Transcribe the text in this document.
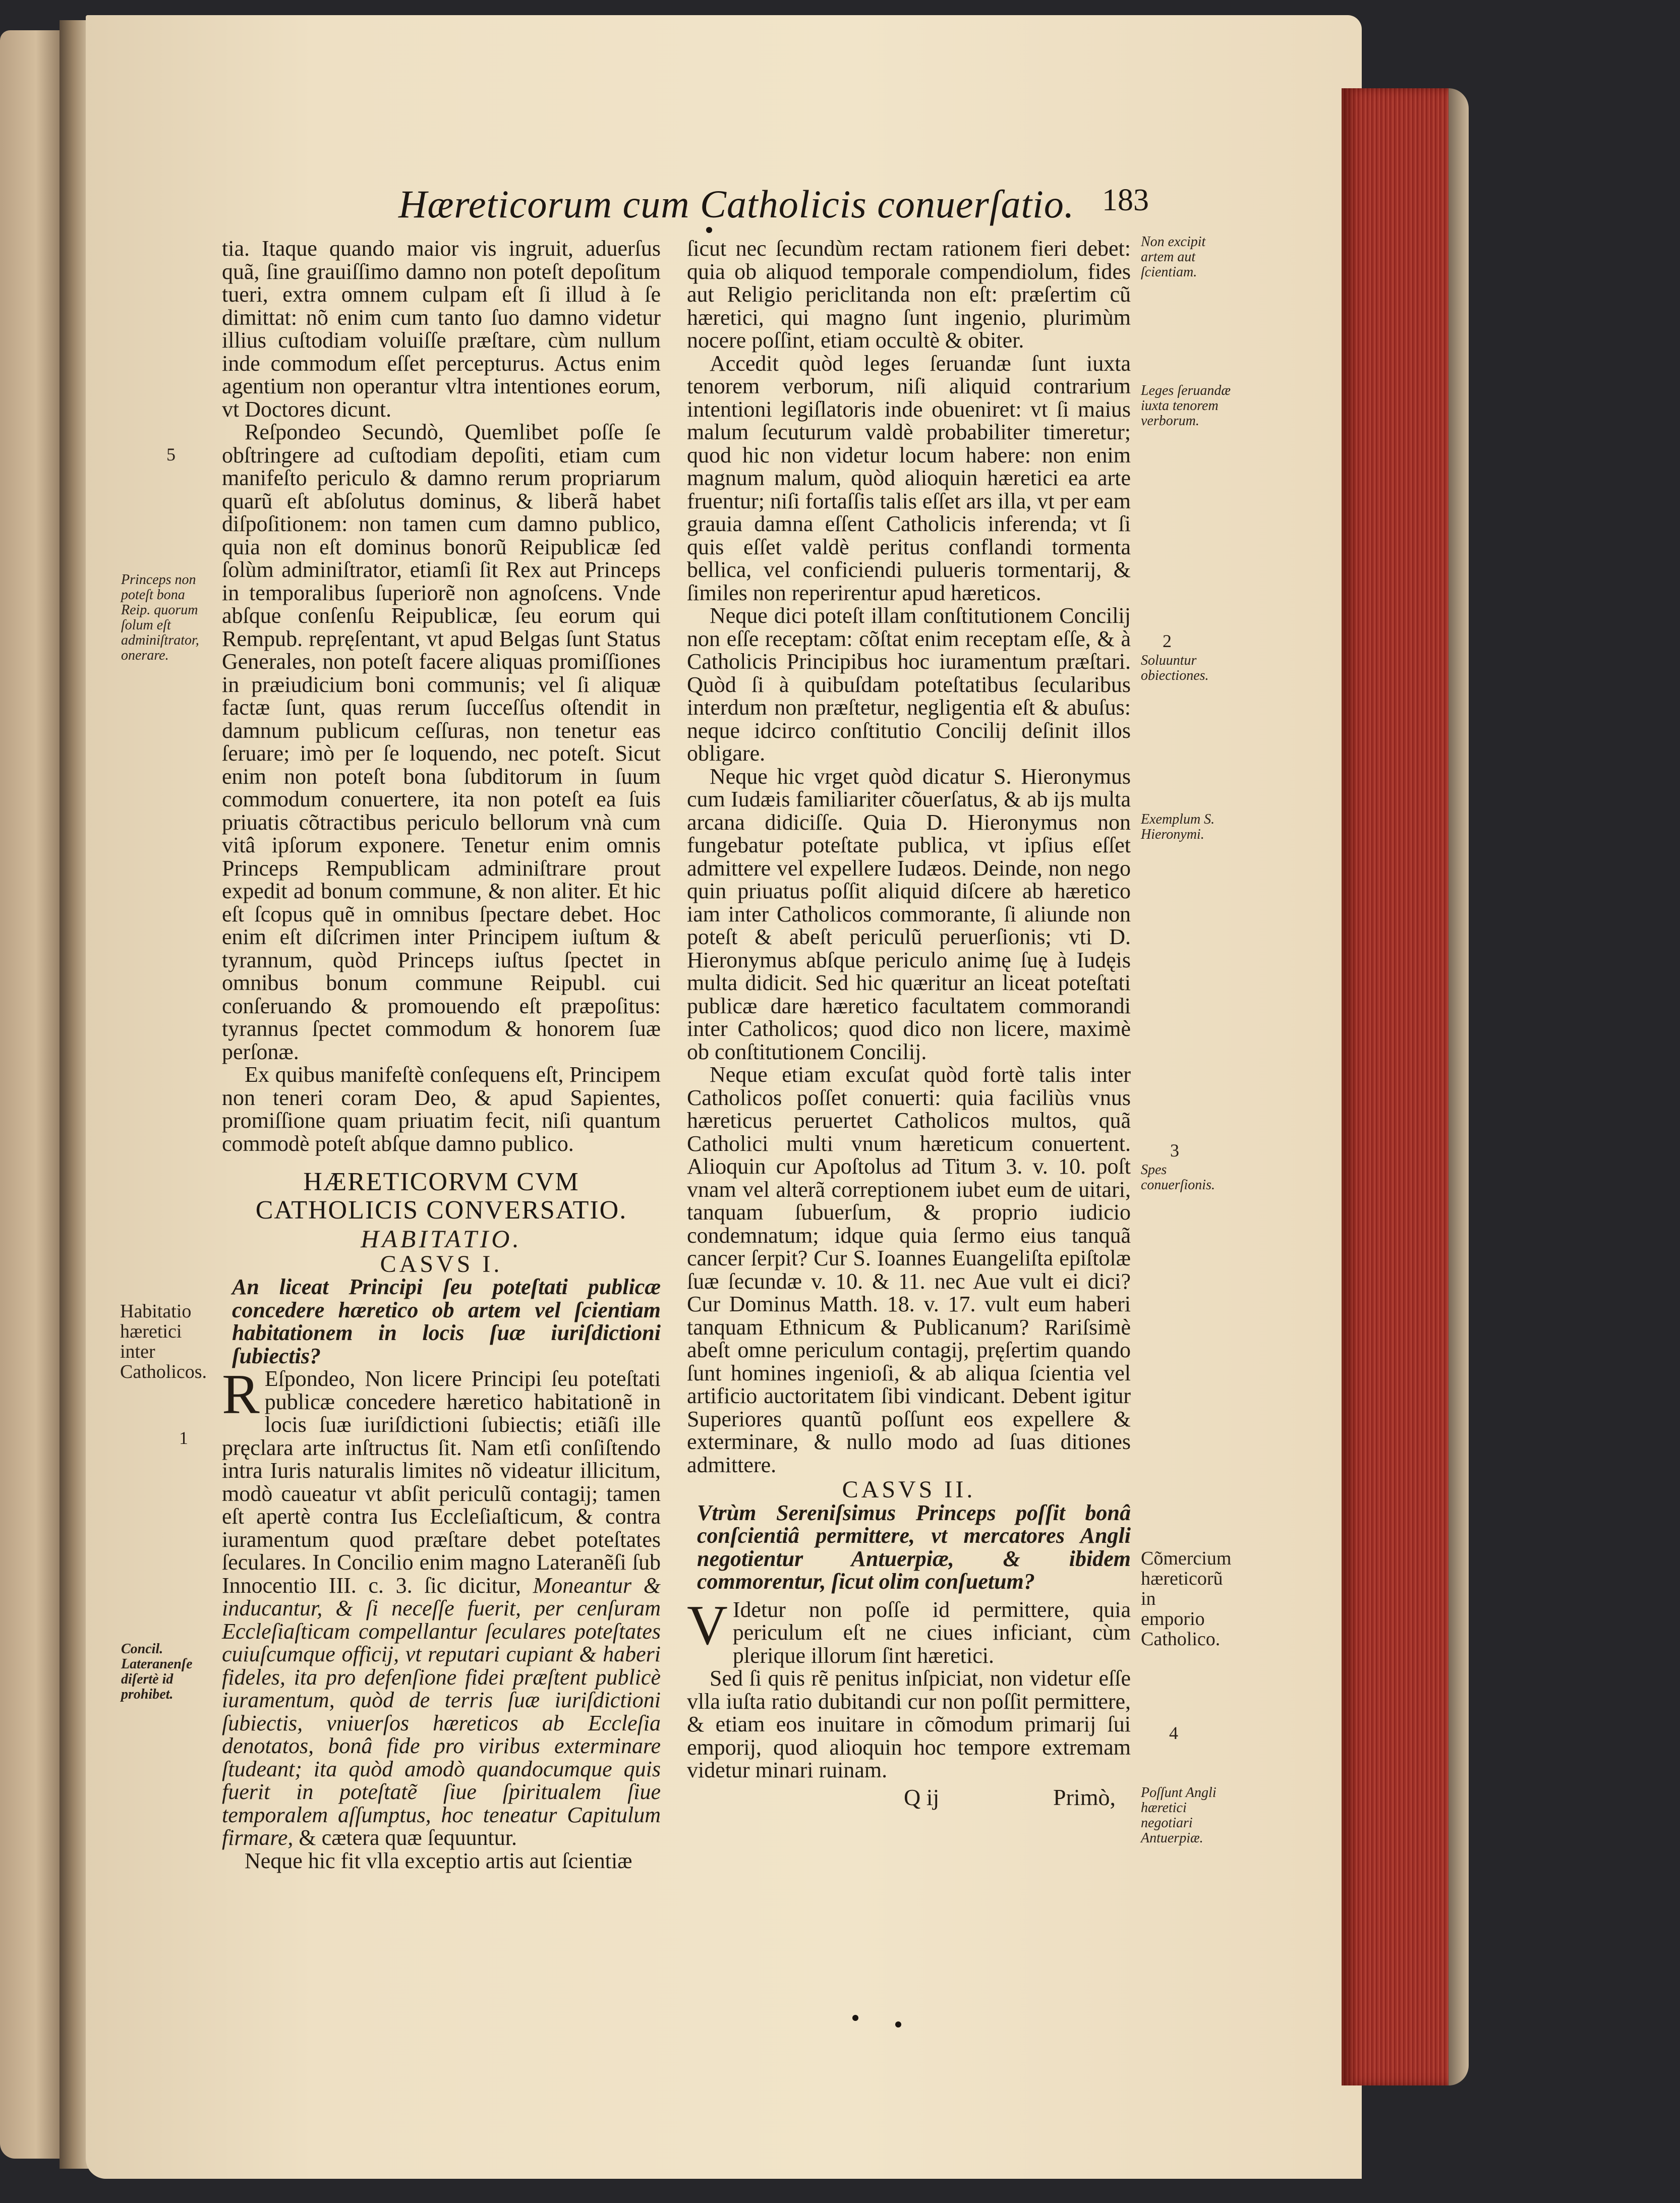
Hæreticorum cum Catholicis conuerſatio. 183

tia. Itaque quando maior vis ingruit, aduerſus quã, ſine grauiſſimo damno non poteſt depoſitum tueri, extra omnem culpam eſt ſi illud à ſe dimittat: nõ enim cum tanto ſuo damno videtur illius cuſtodiam voluiſſe præſtare, cùm nullum inde commodum eſſet percepturus. Actus enim agentium non operantur vltra intentiones eorum, vt Doctores dicunt.

Reſpondeo Secundò, Quemlibet poſſe ſe obſtringere ad cuſtodiam depoſiti, etiam cum manifeſto periculo & damno rerum propriarum quarũ eſt abſolutus dominus, & liberã habet diſpoſitionem: non tamen cum damno publico, quia non eſt dominus bonorũ Reipublicæ ſed ſolùm adminiſtrator, etiamſi ſit Rex aut Princeps in temporalibus ſuperiorẽ non agnoſcens. Vnde abſque conſenſu Reipublicæ, ſeu eorum qui Rempub. repręſentant, vt apud Belgas ſunt Status Generales, non poteſt facere aliquas promiſſiones in præiudicium boni communis; vel ſi aliquæ factæ ſunt, quas rerum ſucceſſus oſtendit in damnum publicum ceſſuras, non tenetur eas ſeruare; imò per ſe loquendo, nec poteſt. Sicut enim non poteſt bona ſubditorum in ſuum commodum conuertere, ita non poteſt ea ſuis priuatis cõtractibus periculo bellorum vnà cum vitâ ipſorum exponere. Tenetur enim omnis Princeps Rempublicam adminiſtrare prout expedit ad bonum commune, & non aliter. Et hic eſt ſcopus quẽ in omnibus ſpectare debet. Hoc enim eſt diſcrimen inter Principem iuſtum & tyrannum, quòd Princeps iuſtus ſpectet in omnibus bonum commune Reipubl. cui conſeruando & promouendo eſt præpoſitus: tyrannus ſpectet commodum & honorem ſuæ perſonæ.

Ex quibus manifeſtè conſequens eſt, Principem non teneri coram Deo, & apud Sapientes, promiſſione quam priuatim fecit, niſi quantum commodè poteſt abſque damno publico.

HÆRETICORVM CVM CATHOLICIS CONVERSATIO.

HABITATIO.

CASVS I.

An liceat Principi ſeu poteſtati publicæ concedere hæretico ob artem vel ſcientiam habitationem in locis ſuæ iuriſdictioni ſubiectis?

R Eſpondeo, Non licere Principi ſeu poteſtati publicæ concedere hæretico habitationẽ in locis ſuæ iuriſdictioni ſubiectis; etiãſi ille pręclara arte inſtructus ſit. Nam etſi conſiſtendo intra Iuris naturalis limites nõ videatur illicitum, modò caueatur vt abſit periculũ contagij; tamen eſt apertè contra Ius Eccleſiaſticum, & contra iuramentum quod præſtare debet poteſtates ſeculares. In Concilio enim magno Lateranẽſi ſub Innocentio III. c. 3. ſic dicitur, Moneantur & inducantur, & ſi neceſſe fuerit, per cenſuram Eccleſiaſticam compellantur ſeculares poteſtates cuiuſcumque officij, vt reputari cupiant & haberi fideles, ita pro defenſione fidei præſtent publicè iuramentum, quòd de terris ſuæ iuriſdictioni ſubiectis, vniuerſos hæreticos ab Eccleſia denotatos, bonâ fide pro viribus exterminare ſtudeant; ita quòd amodò quandocumque quis fuerit in poteſtatẽ ſiue ſpiritualem ſiue temporalem aſſumptus, hoc teneatur Capitulum firmare, & cætera quæ ſequuntur.

Neque hic fit vlla exceptio artis aut ſcientiæ

ſicut nec ſecundùm rectam rationem fieri debet: quia ob aliquod temporale compendiolum, fides aut Religio periclitanda non eſt: præſertim cũ hæretici, qui magno ſunt ingenio, plurimùm nocere poſſint, etiam occultè & obiter.

Accedit quòd leges ſeruandæ ſunt iuxta tenorem verborum, niſi aliquid contrarium intentioni legiſlatoris inde obueniret: vt ſi maius malum ſecuturum valdè probabiliter timeretur; quod hic non videtur locum habere: non enim magnum malum, quòd alioquin hæretici ea arte fruentur; niſi fortaſſis talis eſſet ars illa, vt per eam grauia damna eſſent Catholicis inferenda; vt ſi quis eſſet valdè peritus conflandi tormenta bellica, vel conficiendi pulueris tormentarij, & ſimiles non reperirentur apud hæreticos.

Neque dici poteſt illam conſtitutionem Concilij non eſſe receptam: cõſtat enim receptam eſſe, & à Catholicis Principibus hoc iuramentum præſtari. Quòd ſi à quibuſdam poteſtatibus ſecularibus interdum non præſtetur, negligentia eſt & abuſus: neque idcirco conſtitutio Concilij deſinit illos obligare.

Neque hic vrget quòd dicatur S. Hieronymus cum Iudæis familiariter cõuerſatus, & ab ijs multa arcana didiciſſe. Quia D. Hieronymus non fungebatur poteſtate publica, vt ipſius eſſet admittere vel expellere Iudæos. Deinde, non nego quin priuatus poſſit aliquid diſcere ab hæretico iam inter Catholicos commorante, ſi aliunde non poteſt & abeſt periculũ peruerſionis; vti D. Hieronymus abſque periculo animę ſuę à Iudęis multa didicit. Sed hic quæritur an liceat poteſtati publicæ dare hæretico facultatem commorandi inter Catholicos; quod dico non licere, maximè ob conſtitutionem Concilij.

Neque etiam excuſat quòd fortè talis inter Catholicos poſſet conuerti: quia faciliùs vnus hæreticus peruertet Catholicos multos, quã Catholici multi vnum hæreticum conuertent. Alioquin cur Apoſtolus ad Titum 3. v. 10. poſt vnam vel alterã correptionem iubet eum de uitari, tanquam ſubuerſum, & proprio iudicio condemnatum; idque quia ſermo eius tanquã cancer ſerpit? Cur S. Ioannes Euangeliſta epiſtolæ ſuæ ſecundæ v. 10. & 11. nec Aue vult ei dici? Cur Dominus Matth. 18. v. 17. vult eum haberi tanquam Ethnicum & Publicanum? Rariſsimè abeſt omne periculum contagij, pręſertim quando ſunt homines ingenioſi, & ab aliqua ſcientia vel artificio auctoritatem ſibi vindicant. Debent igitur Superiores quantũ poſſunt eos expellere & exterminare, & nullo modo ad ſuas ditiones admittere.

CASVS II.

Vtrùm Sereniſsimus Princeps poſſit bonâ conſcientiâ permittere, vt mercatores Angli negotientur Antuerpiæ, & ibidem commorentur, ſicut olim conſuetum?

V Idetur non poſſe id permittere, quia periculum eſt ne ciues inficiant, cùm plerique illorum ſint hæretici.

Sed ſi quis rẽ penitus inſpiciat, non videtur eſſe vlla iuſta ratio dubitandi cur non poſſit permittere, & etiam eos inuitare in cõmodum primarij ſui emporij, quod alioquin hoc tempore extremam videtur minari ruinam.

Q ij	Primò,
5
Princeps non poteſt bona Reip. quorum ſolum eſt adminiſtrator, onerare.
Habitatio hæretici inter Catholicos.
1
Concil. Lateranenſe diſertè id prohibet.
Non excipit artem aut ſcientiam.
Leges ſeruandæ iuxta tenorem verborum.
2
Soluuntur obiectiones.
Exemplum S. Hieronymi.
3
Spes conuerſionis.
Cõmercium hæreticorũ in emporio Catholico.
4
Poſſunt Angli hæretici negotiari Antuerpiæ.
